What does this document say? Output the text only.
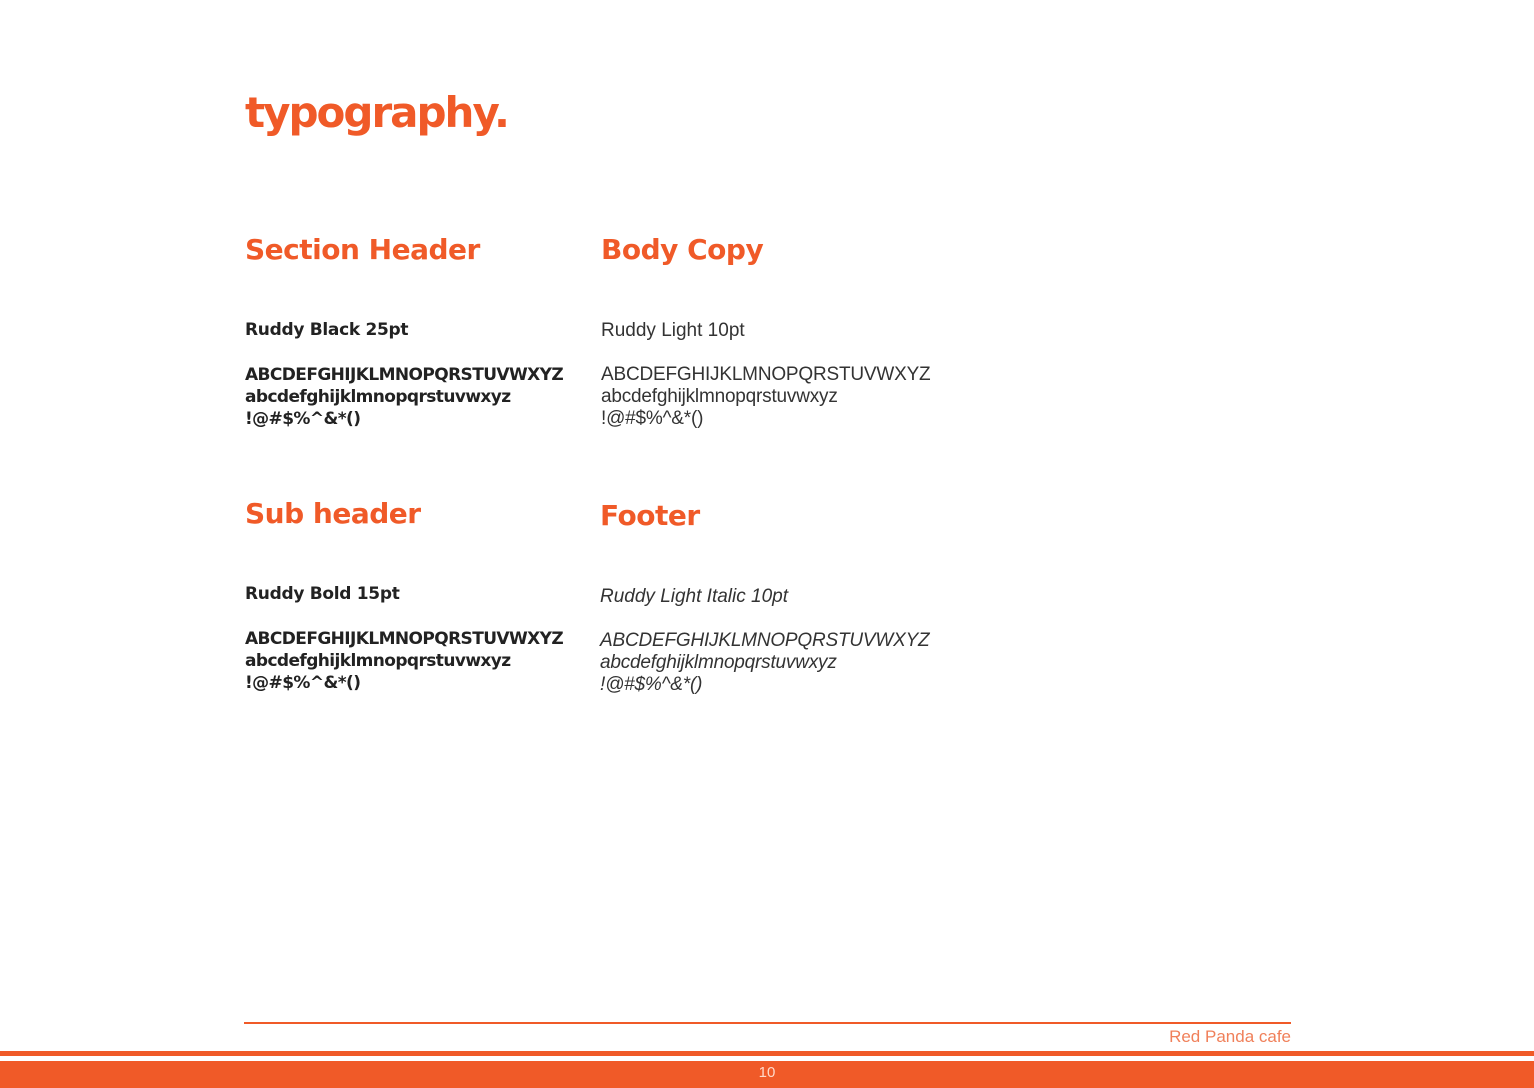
typography.
Section Header

Ruddy Black 25pt

ABCDEFGHIJKLMNOPQRSTUVWXYZ
abcdefghijklmnopqrstuvwxyz
!@#$%^&*()
Body Copy

Ruddy Light 10pt

ABCDEFGHIJKLMNOPQRSTUVWXYZ
abcdefghijklmnopqrstuvwxyz
!@#$%^&*()
Sub header

Ruddy Bold 15pt

ABCDEFGHIJKLMNOPQRSTUVWXYZ
abcdefghijklmnopqrstuvwxyz
!@#$%^&*()
Footer

Ruddy Light Italic 10pt

ABCDEFGHIJKLMNOPQRSTUVWXYZ
abcdefghijklmnopqrstuvwxyz
!@#$%^&*()
Red Panda cafe
10
